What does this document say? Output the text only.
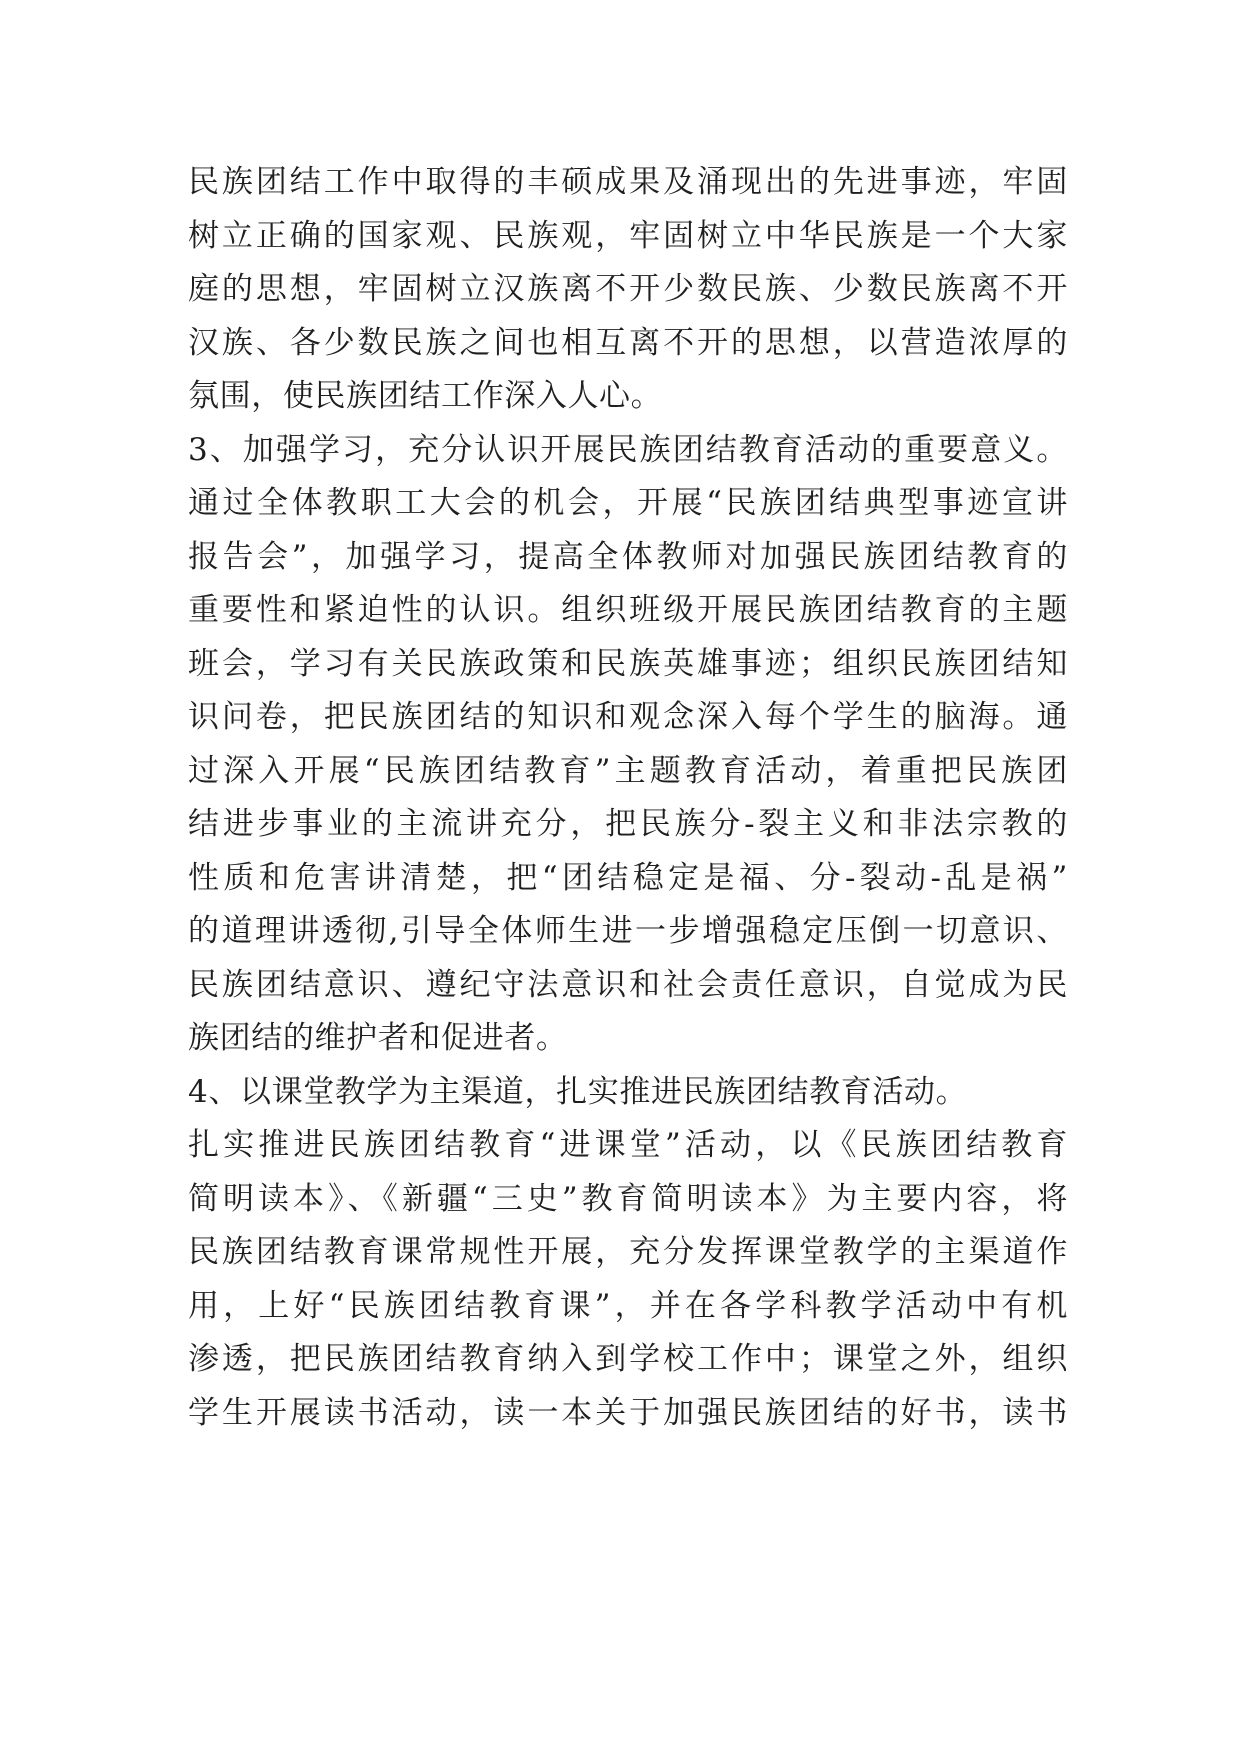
民族团结工作中取得的丰硕成果及涌现出的先进事迹，牢固
树立正确的国家观、民族观，牢固树立中华民族是一个大家
庭的思想，牢固树立汉族离不开少数民族、少数民族离不开
汉族、各少数民族之间也相互离不开的思想，以营造浓厚的
氛围，使民族团结工作深入人心。
3、加强学习，充分认识开展民族团结教育活动的重要意义。
通过全体教职工大会的机会，开展“民族团结典型事迹宣讲
报告会”，加强学习，提高全体教师对加强民族团结教育的
重要性和紧迫性的认识。组织班级开展民族团结教育的主题
班会，学习有关民族政策和民族英雄事迹；组织民族团结知
识问卷，把民族团结的知识和观念深入每个学生的脑海。通
过深入开展“民族团结教育”主题教育活动，着重把民族团
结进步事业的主流讲充分，把民族分-裂主义和非法宗教的
性质和危害讲清楚，把“团结稳定是福、分-裂动-乱是祸”
的道理讲透彻,引导全体师生进一步增强稳定压倒一切意识、
民族团结意识、遵纪守法意识和社会责任意识，自觉成为民
族团结的维护者和促进者。
4、以课堂教学为主渠道，扎实推进民族团结教育活动。
扎实推进民族团结教育“进课堂”活动，以《民族团结教育
简明读本》、《新疆“三史”教育简明读本》为主要内容，将
民族团结教育课常规性开展，充分发挥课堂教学的主渠道作
用，上好“民族团结教育课”，并在各学科教学活动中有机
渗透，把民族团结教育纳入到学校工作中；课堂之外，组织
学生开展读书活动，读一本关于加强民族团结的好书，读书
